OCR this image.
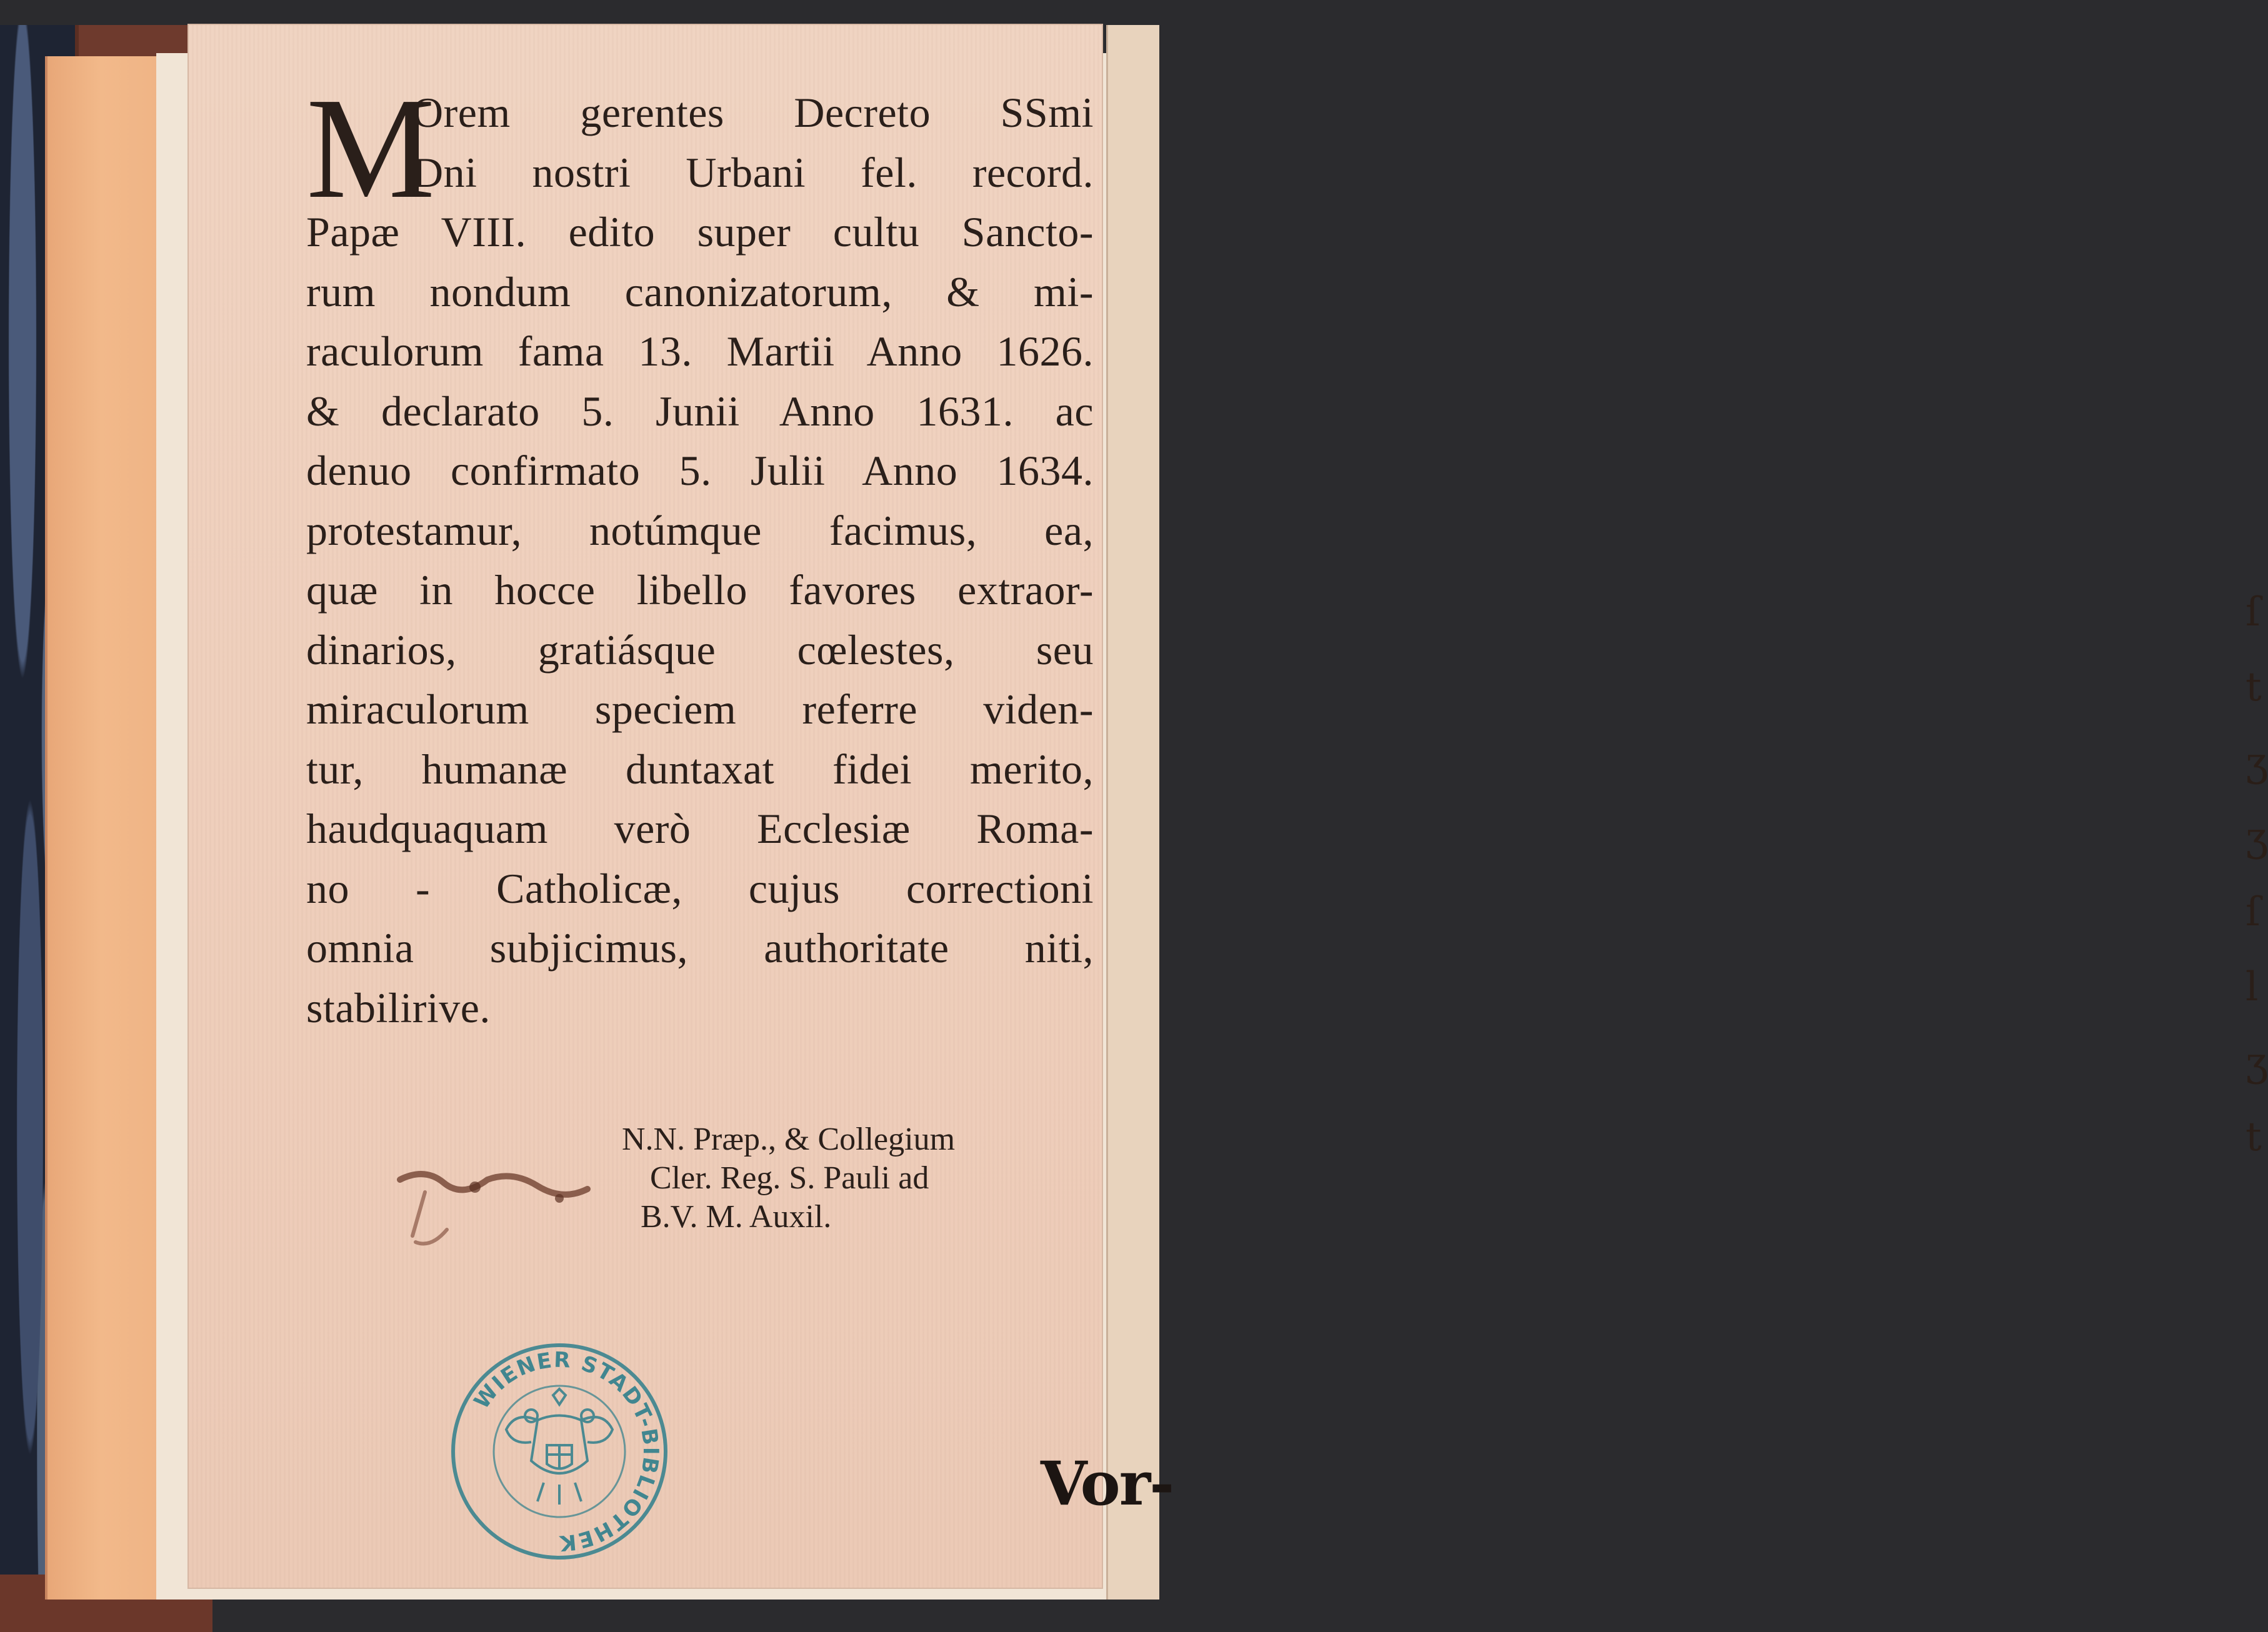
ſ
t
ʒ
ʒ
ſ
l
ʒ
t
M
Orem gerentes Decreto SSmi
Dni nostri Urbani fel. record.
Papæ VIII. edito super cultu Sancto-
rum nondum canonizatorum, & mi-
raculorum fama 13. Martii Anno 1626.
& declarato 5. Junii Anno 1631. ac
denuo confirmato 5. Julii Anno 1634.
protestamur, notúmque facimus, ea,
quæ in hocce libello favores extraor-
dinarios, gratiásque cœlestes, seu
miraculorum speciem referre viden-
tur, humanæ duntaxat fidei merito,
haudquaquam verò Ecclesiæ Roma-
no - Catholicæ, cujus correctioni
omnia subjicimus, authoritate niti,
stabilirive.
N.N. Præp., & Collegium
Cler. Reg. S. Pauli ad
B.V. M. Auxil.
WIENER STADT-BIBLIOTHEK
Vor-
